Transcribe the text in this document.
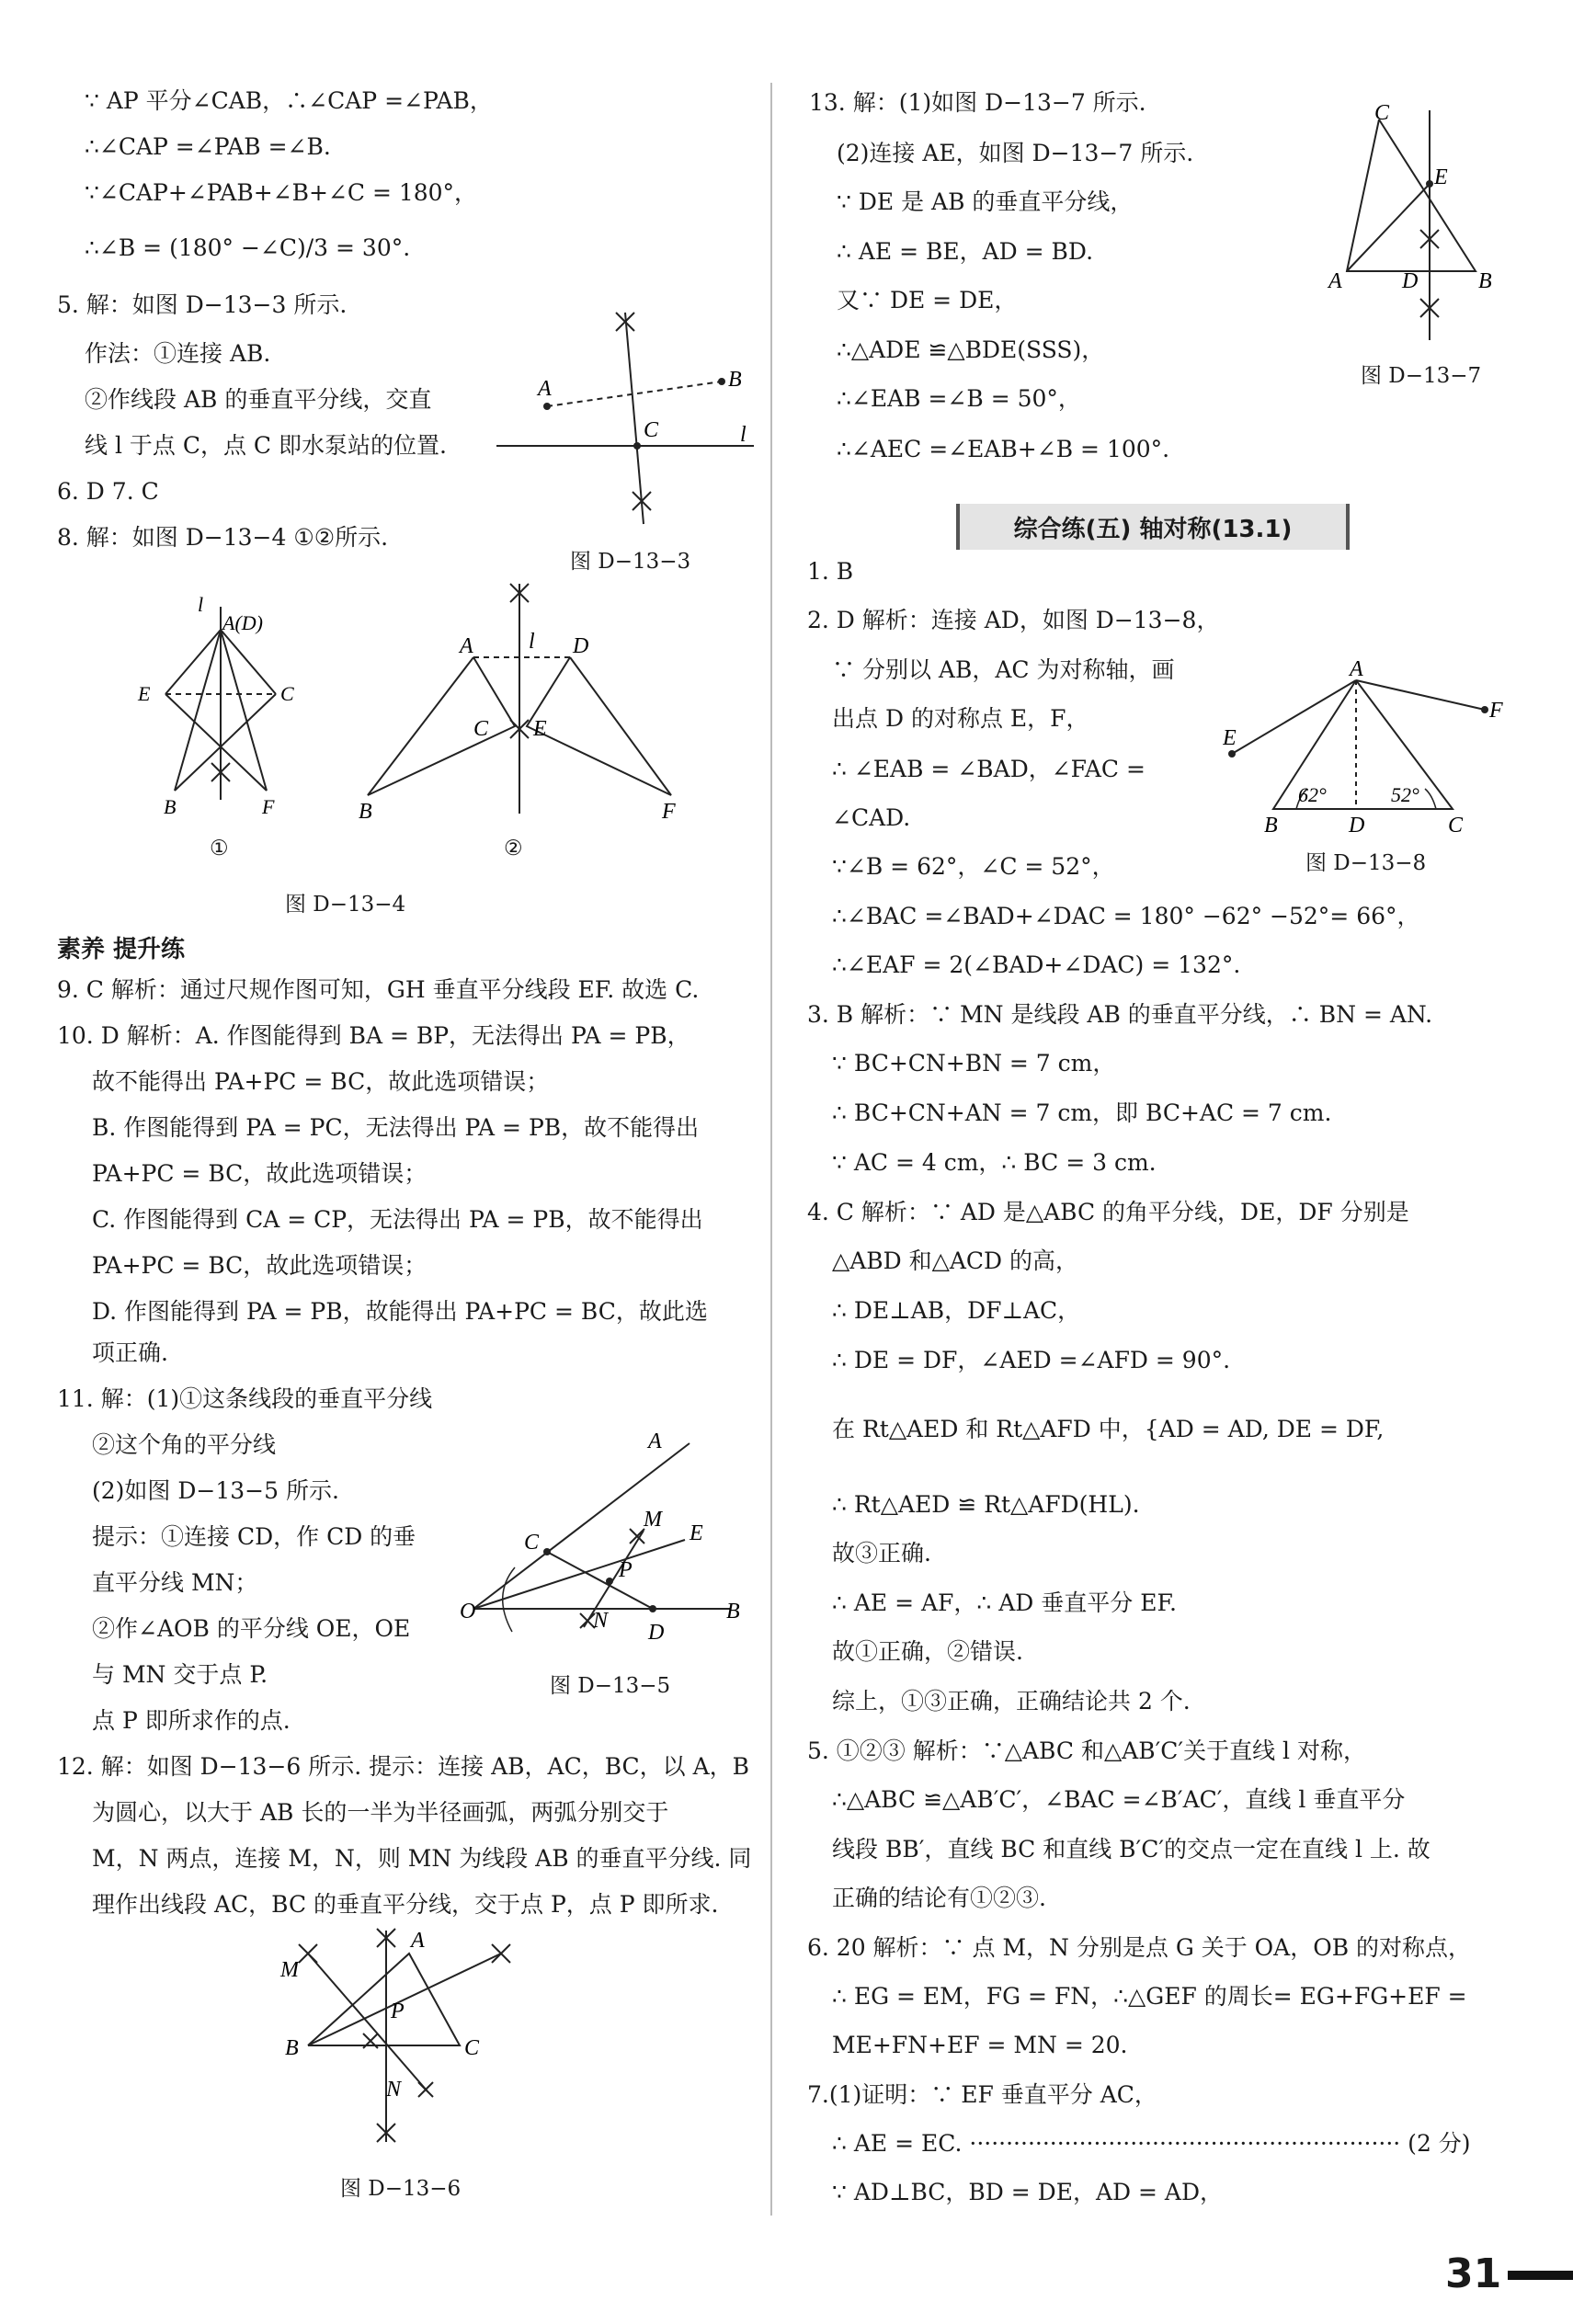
∵ AP 平分∠CAB，∴∠CAP =∠PAB，
∴∠CAP =∠PAB =∠B.
∵∠CAP+∠PAB+∠B+∠C = 180°，
∴∠B = (180° −∠C)/3 = 30°.
5. 解：如图 D−13−3 所示.
作法：①连接 AB.
②作线段 AB 的垂直平分线，交直
线 l 于点 C，点 C 即水泵站的位置.
6. D 7. C
8. 解：如图 D−13−4 ①②所示.
素养 提升练
9. C 解析：通过尺规作图可知，GH 垂直平分线段 EF. 故选 C.
10. D 解析：A. 作图能得到 BA = BP，无法得出 PA = PB，
故不能得出 PA+PC = BC，故此选项错误；
B. 作图能得到 PA = PC，无法得出 PA = PB，故不能得出
PA+PC = BC，故此选项错误；
C. 作图能得到 CA = CP，无法得出 PA = PB，故不能得出
PA+PC = BC，故此选项错误；
D. 作图能得到 PA = PB，故能得出 PA+PC = BC，故此选
项正确.
11. 解：(1)①这条线段的垂直平分线
②这个角的平分线
(2)如图 D−13−5 所示.
提示：①连接 CD，作 CD 的垂
直平分线 MN；
②作∠AOB 的平分线 OE，OE
与 MN 交于点 P.
点 P 即所求作的点.
12. 解：如图 D−13−6 所示. 提示：连接 AB，AC，BC，以 A，B
为圆心，以大于 AB 长的一半为半径画弧，两弧分别交于
M，N 两点，连接 M，N，则 MN 为线段 AB 的垂直平分线. 同
理作出线段 AC，BC 的垂直平分线，交于点 P，点 P 即所求.
A	B
C	l
图 D−13−3
l
A(D)
E	C
B	F
①
A	l D
C E
B	F
②
图 D−13−4
O
A
B
C
D
E
M
P
N
图 D−13−5
M
A
B	C
P
N
图 D−13−6
13. 解：(1)如图 D−13−7 所示.
(2)连接 AE，如图 D−13−7 所示.
∵ DE 是 AB 的垂直平分线，
∴ AE = BE，AD = BD.
又∵ DE = DE，
∴△ADE ≌△BDE(SSS)，
∴∠EAB =∠B = 50°，
∴∠AEC =∠EAB+∠B = 100°.
C
E
A	D	B
图 D−13−7
综合练(五) 轴对称(13.1)
1. B
2. D 解析：连接 AD，如图 D−13−8，
∵ 分别以 AB，AC 为对称轴，画
出点 D 的对称点 E，F，
∴ ∠EAB = ∠BAD，∠FAC =
∠CAD.
∵∠B = 62°，∠C = 52°，
∴∠BAC =∠BAD+∠DAC = 180° −62° −52°= 66°，
∴∠EAF = 2(∠BAD+∠DAC) = 132°.
3. B 解析：∵ MN 是线段 AB 的垂直平分线，∴ BN = AN.
∵ BC+CN+BN = 7 cm，
∴ BC+CN+AN = 7 cm，即 BC+AC = 7 cm.
∵ AC = 4 cm，∴ BC = 3 cm.
4. C 解析：∵ AD 是△ABC 的角平分线，DE，DF 分别是
△ABD 和△ACD 的高，
∴ DE⊥AB，DF⊥AC，
∴ DE = DF，∠AED =∠AFD = 90°.
在 Rt△AED 和 Rt△AFD 中，{AD = AD, DE = DF,
∴ Rt△AED ≌ Rt△AFD(HL).
故③正确.
∴ AE = AF，∴ AD 垂直平分 EF.
故①正确，②错误.
综上，①③正确，正确结论共 2 个.
5. ①②③ 解析：∵△ABC 和△AB′C′关于直线 l 对称，
∴△ABC ≌△AB′C′，∠BAC =∠B′AC′，直线 l 垂直平分
线段 BB′，直线 BC 和直线 B′C′的交点一定在直线 l 上. 故
正确的结论有①②③.
6. 20 解析：∵ 点 M，N 分别是点 G 关于 OA，OB 的对称点，
∴ EG = EM，FG = FN，∴△GEF 的周长= EG+FG+EF =
ME+FN+EF = MN = 20.
7.(1)证明：∵ EF 垂直平分 AC，
∴ AE = EC. ··························································· (2 分)
∵ AD⊥BC，BD = DE，AD = AD，
A
F
E
62°	52°
B	D	C
图 D−13−8
31
